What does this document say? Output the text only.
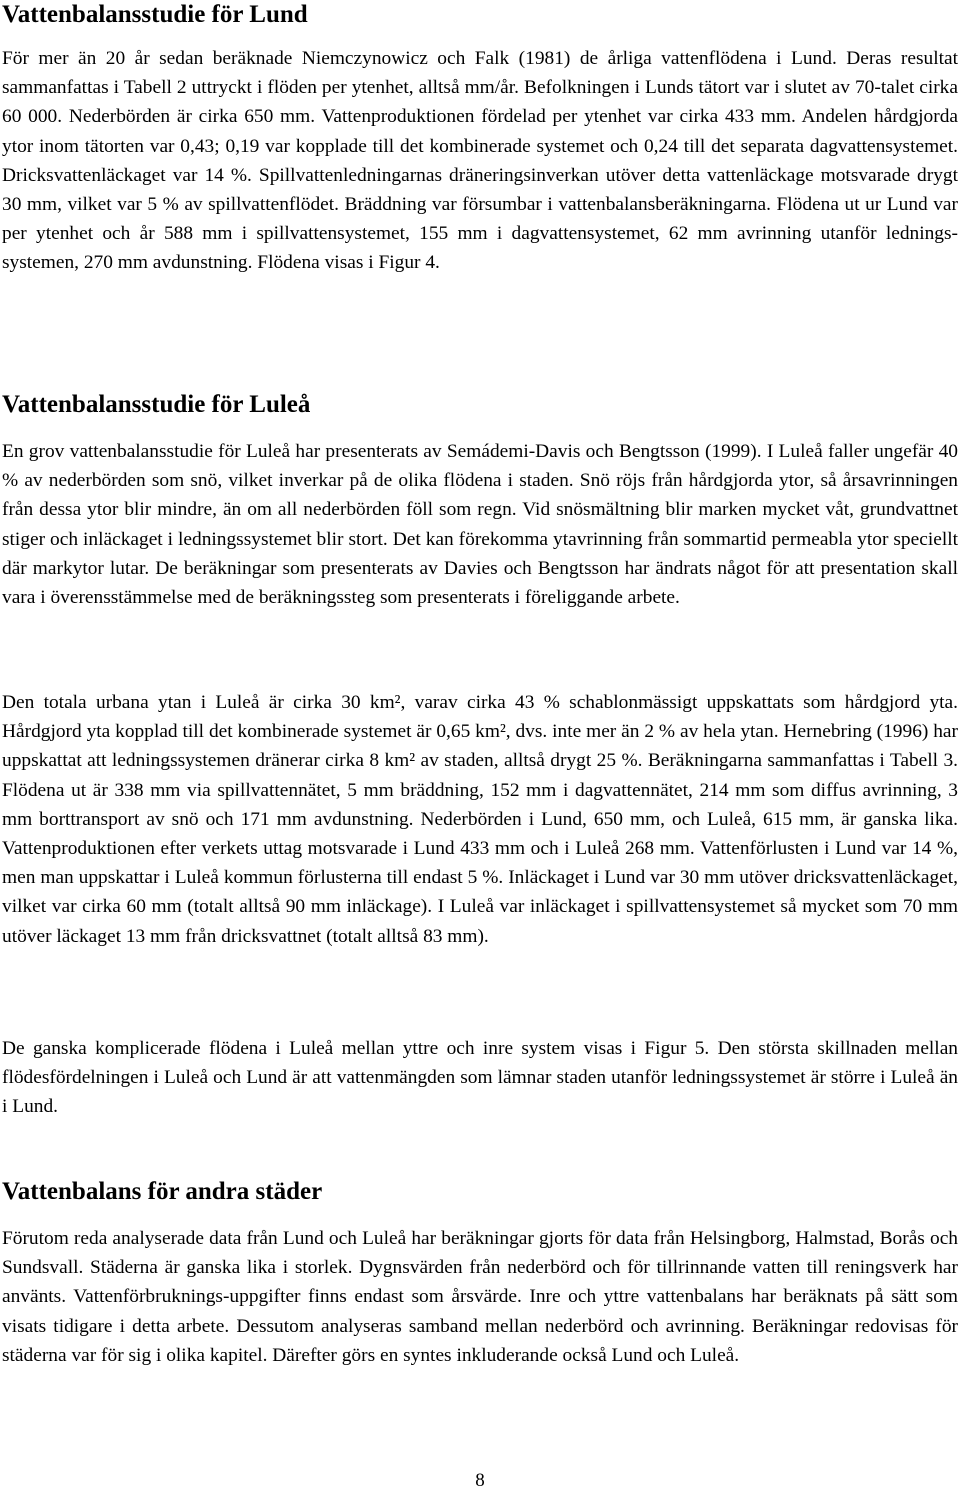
Vattenbalansstudie för Lund

För mer än 20 år sedan beräknade Niemczynowicz och Falk (1981) de årliga vattenflödena i Lund. Deras resultat sammanfattas i Tabell 2 uttryckt i flöden per ytenhet, alltså mm/år. Befolkningen i Lunds tätort var i slutet av 70-talet cirka 60 000. Nederbörden är cirka 650 mm. Vattenproduktionen fördelad per ytenhet var cirka 433 mm. Andelen hårdgjorda ytor inom tätorten var 0,43; 0,19 var kopplade till det kombinerade systemet och 0,24 till det separata dagvattensystemet. Dricksvattenläckaget var 14 %. Spillvattenledningarnas dräneringsinverkan utöver detta vattenläckage motsvarade drygt 30 mm, vilket var 5 % av spillvattenflödet. Bräddning var försumbar i vattenbalansberäkningarna. Flödena ut ur Lund var per ytenhet och år 588 mm i spillvattensystemet, 155 mm i dagvattensystemet, 62 mm avrinning utanför lednings-systemen, 270 mm avdunstning. Flödena visas i Figur 4.

Vattenbalansstudie för Luleå

En grov vattenbalansstudie för Luleå har presenterats av Semádemi-Davis och Bengtsson (1999). I Luleå faller ungefär 40 % av nederbörden som snö, vilket inverkar på de olika flödena i staden. Snö röjs från hårdgjorda ytor, så årsavrinningen från dessa ytor blir mindre, än om all nederbörden föll som regn. Vid snösmältning blir marken mycket våt, grundvattnet stiger och inläckaget i ledningssystemet blir stort. Det kan förekomma ytavrinning från sommartid permeabla ytor speciellt där markytor lutar. De beräkningar som presenterats av Davies och Bengtsson har ändrats något för att presentation skall vara i överensstämmelse med de beräkningssteg som presenterats i föreliggande arbete.

Den totala urbana ytan i Luleå är cirka 30 km², varav cirka 43 % schablonmässigt uppskattats som hårdgjord yta. Hårdgjord yta kopplad till det kombinerade systemet är 0,65 km², dvs. inte mer än 2 % av hela ytan. Hernebring (1996) har uppskattat att ledningssystemen dränerar cirka 8 km² av staden, alltså drygt 25 %. Beräkningarna sammanfattas i Tabell 3. Flödena ut är 338 mm via spillvattennätet, 5 mm bräddning, 152 mm i dagvattennätet, 214 mm som diffus avrinning, 3 mm borttransport av snö och 171 mm avdunstning. Nederbörden i Lund, 650 mm, och Luleå, 615 mm, är ganska lika. Vattenproduktionen efter verkets uttag motsvarade i Lund 433 mm och i Luleå 268 mm. Vattenförlusten i Lund var 14 %, men man uppskattar i Luleå kommun förlusterna till endast 5 %. Inläckaget i Lund var 30 mm utöver dricksvattenläckaget, vilket var cirka 60 mm (totalt alltså 90 mm inläckage). I Luleå var inläckaget i spillvattensystemet så mycket som 70 mm utöver läckaget 13 mm från dricksvattnet (totalt alltså 83 mm).

De ganska komplicerade flödena i Luleå mellan yttre och inre system visas i Figur 5. Den största skillnaden mellan flödesfördelningen i Luleå och Lund är att vattenmängden som lämnar staden utanför ledningssystemet är större i Luleå än i Lund.

Vattenbalans för andra städer

Förutom reda analyserade data från Lund och Luleå har beräkningar gjorts för data från Helsingborg, Halmstad, Borås och Sundsvall. Städerna är ganska lika i storlek. Dygnsvärden från nederbörd och för tillrinnande vatten till reningsverk har använts. Vattenförbruknings-uppgifter finns endast som årsvärde. Inre och yttre vattenbalans har beräknats på sätt som visats tidigare i detta arbete. Dessutom analyseras samband mellan nederbörd och avrinning. Beräkningar redovisas för städerna var för sig i olika kapitel. Därefter görs en syntes inkluderande också Lund och Luleå.

8
